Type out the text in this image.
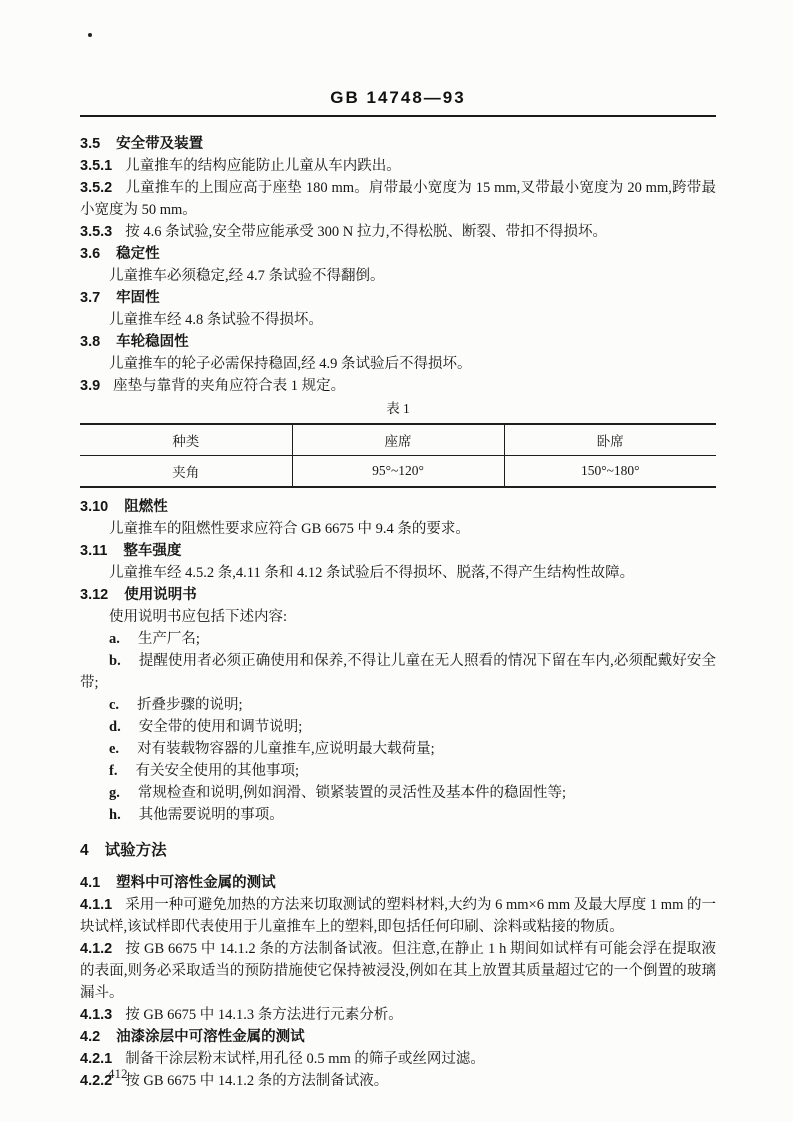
GB 14748—93

3.5 安全带及装置

3.5.1 儿童推车的结构应能防止儿童从车内跌出。

3.5.2 儿童推车的上围应高于座垫 180 mm。肩带最小宽度为 15 mm,叉带最小宽度为 20 mm,跨带最小宽度为 50 mm。

3.5.3 按 4.6 条试验,安全带应能承受 300 N 拉力,不得松脱、断裂、带扣不得损坏。

3.6 稳定性

儿童推车必须稳定,经 4.7 条试验不得翻倒。

3.7 牢固性

儿童推车经 4.8 条试验不得损坏。

3.8 车轮稳固性

儿童推车的轮子必需保持稳固,经 4.9 条试验后不得损坏。

3.9 座垫与靠背的夹角应符合表 1 规定。

表 1
种类	座席	卧席
夹角	95°~120°	150°~180°

3.10 阻燃性

儿童推车的阻燃性要求应符合 GB 6675 中 9.4 条的要求。

3.11 整车强度

儿童推车经 4.5.2 条,4.11 条和 4.12 条试验后不得损坏、脱落,不得产生结构性故障。

3.12 使用说明书

使用说明书应包括下述内容:

a. 生产厂名;

b. 提醒使用者必须正确使用和保养,不得让儿童在无人照看的情况下留在车内,必须配戴好安全带;

c. 折叠步骤的说明;

d. 安全带的使用和调节说明;

e. 对有装载物容器的儿童推车,应说明最大载荷量;

f. 有关安全使用的其他事项;

g. 常规检查和说明,例如润滑、锁紧装置的灵活性及基本件的稳固性等;

h. 其他需要说明的事项。

4 试验方法

4.1 塑料中可溶性金属的测试

4.1.1 采用一种可避免加热的方法来切取测试的塑料材料,大约为 6 mm×6 mm 及最大厚度 1 mm 的一块试样,该试样即代表使用于儿童推车上的塑料,即包括任何印刷、涂料或粘接的物质。

4.1.2 按 GB 6675 中 14.1.2 条的方法制备试液。但注意,在静止 1 h 期间如试样有可能会浮在提取液的表面,则务必采取适当的预防措施使它保持被浸没,例如在其上放置其质量超过它的一个倒置的玻璃漏斗。

4.1.3 按 GB 6675 中 14.1.3 条方法进行元素分析。

4.2 油漆涂层中可溶性金属的测试

4.2.1 制备干涂层粉末试样,用孔径 0.5 mm 的筛子或丝网过滤。

4.2.2 按 GB 6675 中 14.1.2 条的方法制备试液。

412
